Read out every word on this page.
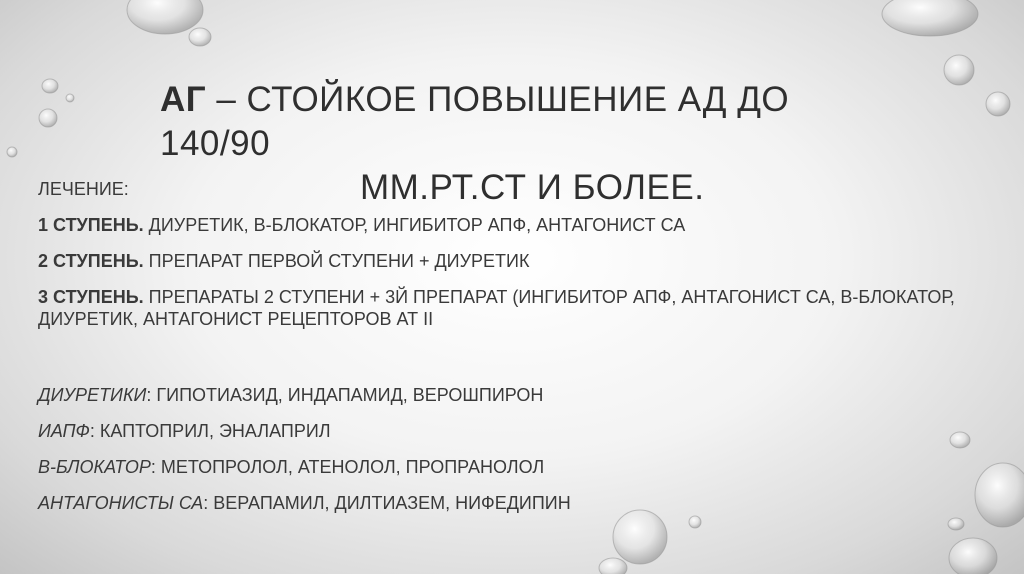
АГ – СТОЙКОЕ ПОВЫШЕНИЕ АД ДО 140/90
ММ.РТ.СТ И БОЛЕЕ.

ЛЕЧЕНИЕ:

1 СТУПЕНЬ. ДИУРЕТИК, B-БЛОКАТОР, ИНГИБИТОР АПФ, АНТАГОНИСТ СА

2 СТУПЕНЬ. ПРЕПАРАТ ПЕРВОЙ СТУПЕНИ + ДИУРЕТИК

3 СТУПЕНЬ. ПРЕПАРАТЫ 2 СТУПЕНИ + 3Й ПРЕПАРАТ (ИНГИБИТОР АПФ, АНТАГОНИСТ СА, B-БЛОКАТОР, ДИУРЕТИК, АНТАГОНИСТ РЕЦЕПТОРОВ АТ II

ДИУРЕТИКИ: ГИПОТИАЗИД, ИНДАПАМИД, ВЕРОШПИРОН

ИАПФ: КАПТОПРИЛ, ЭНАЛАПРИЛ

B-БЛОКАТОР: МЕТОПРОЛОЛ, АТЕНОЛОЛ, ПРОПРАНОЛОЛ

АНТАГОНИСТЫ СА: ВЕРАПАМИЛ, ДИЛТИАЗЕМ, НИФЕДИПИН
